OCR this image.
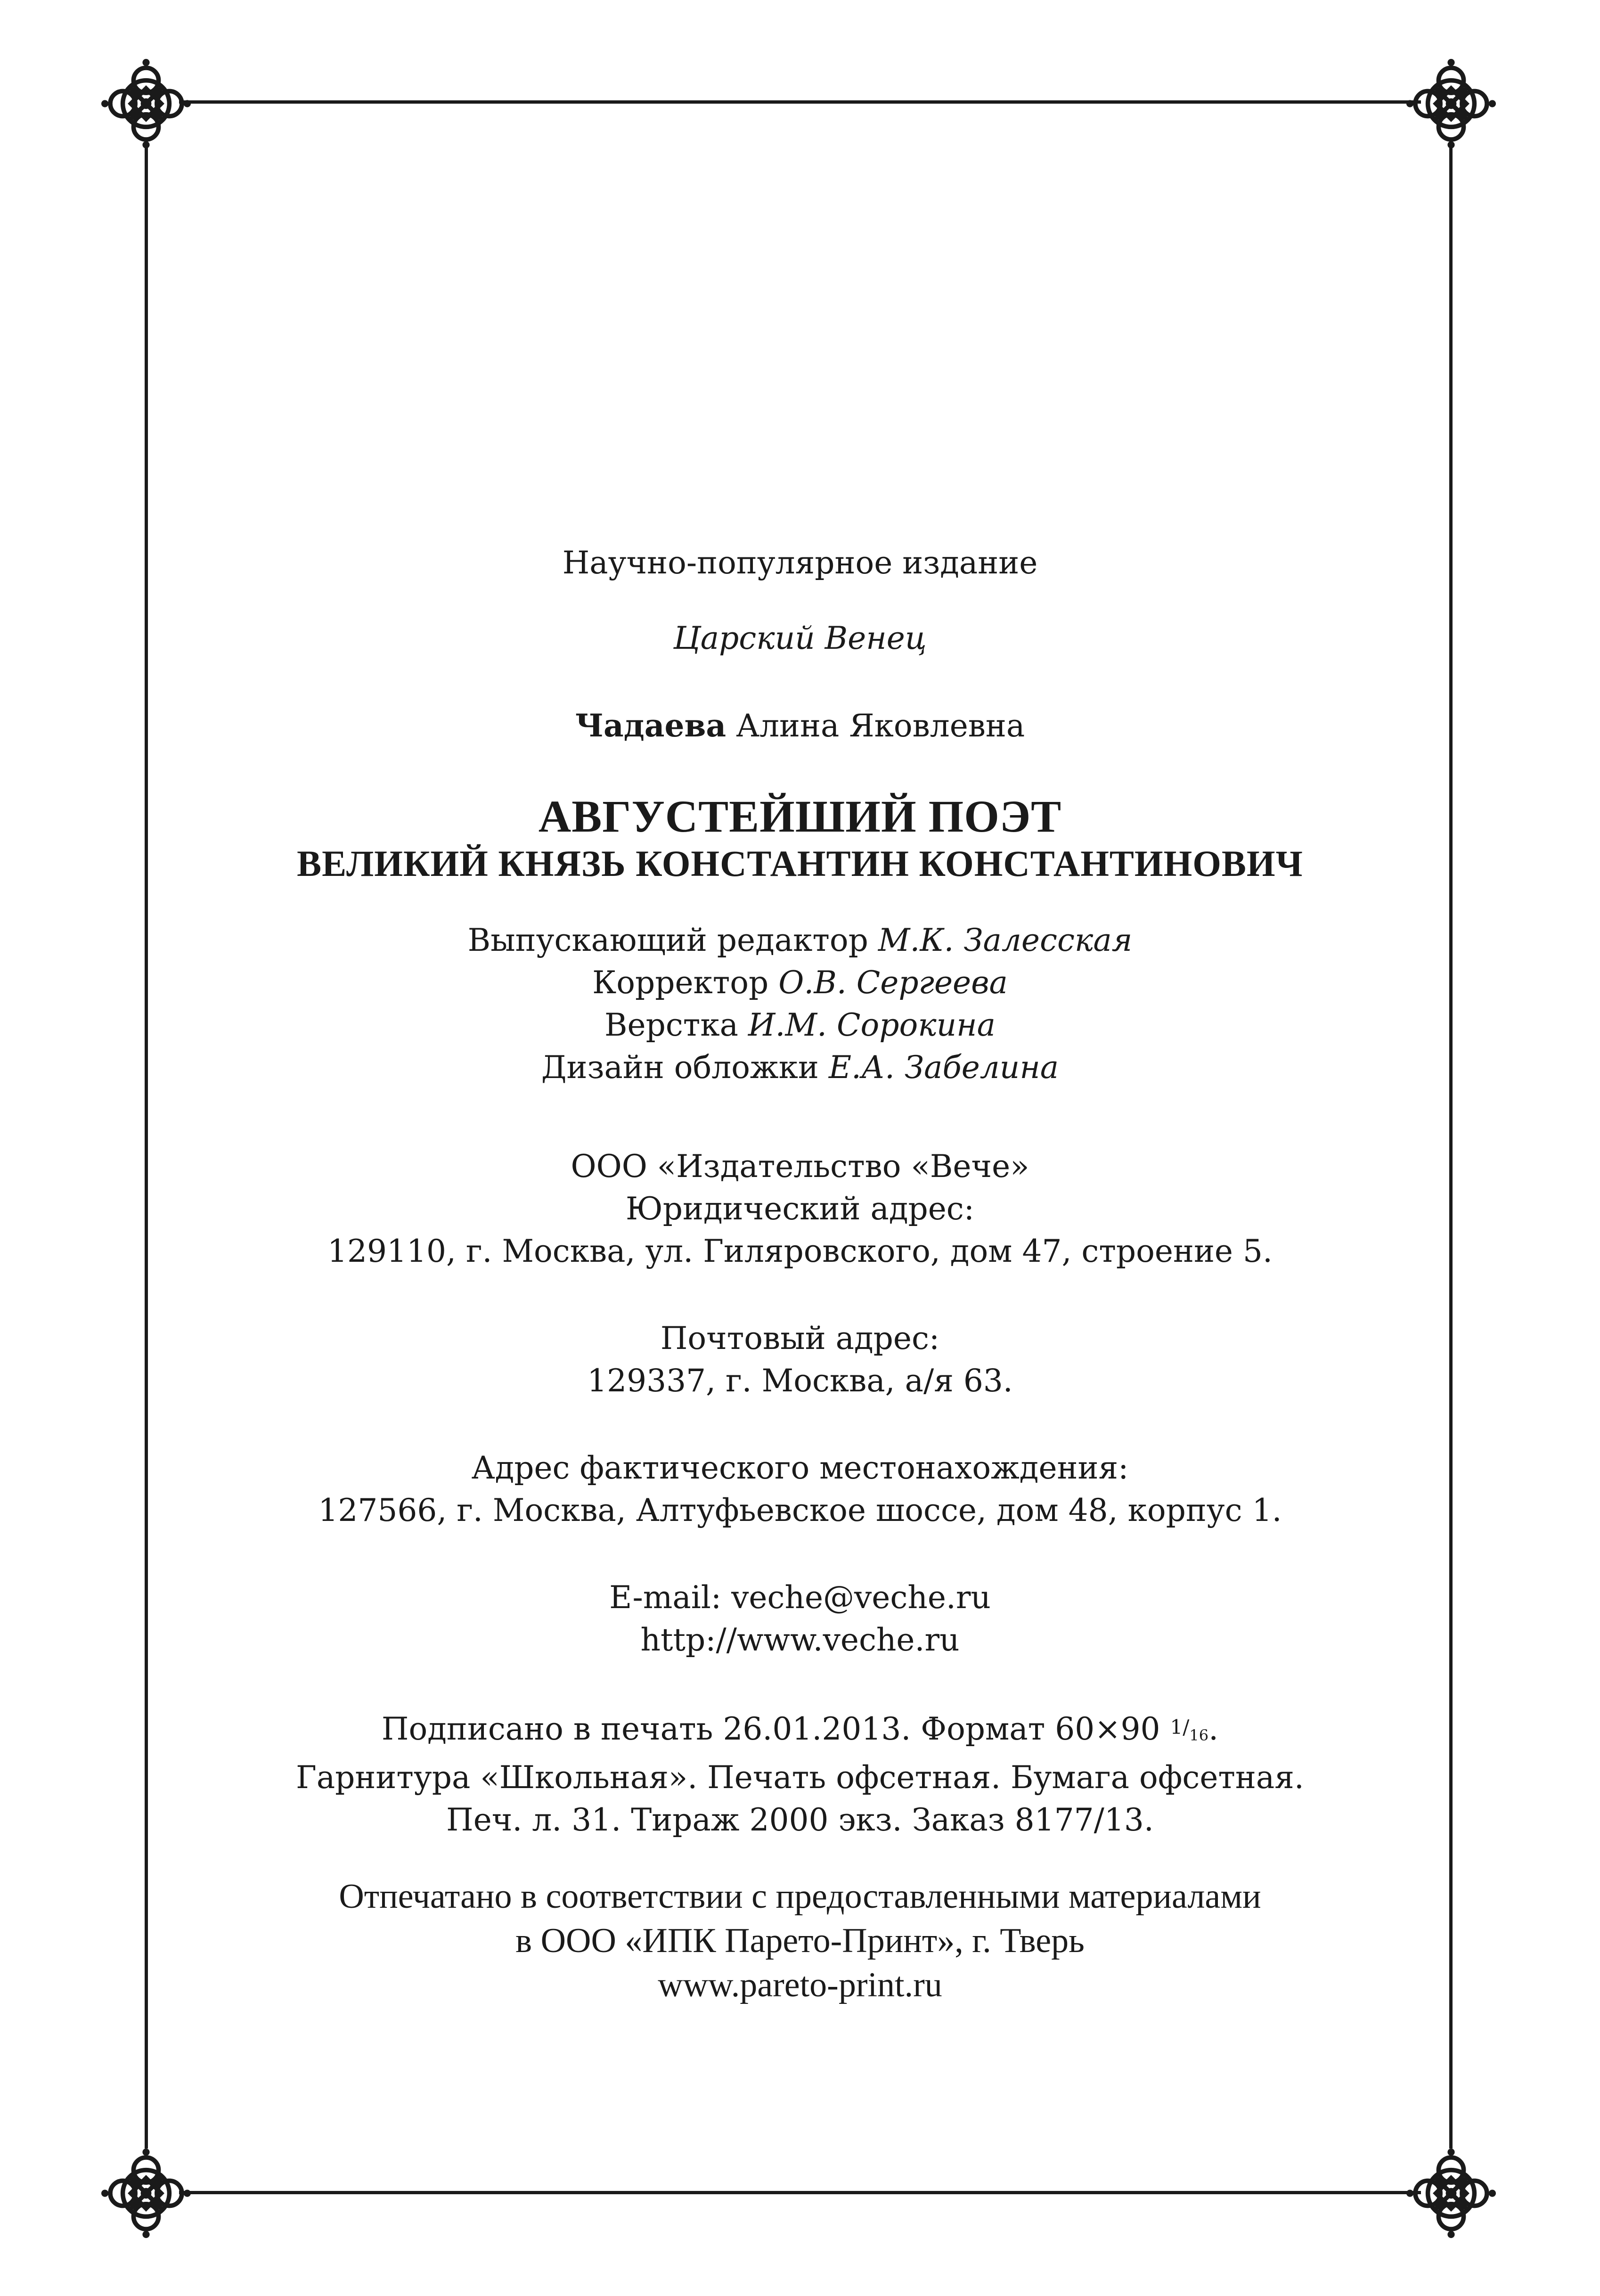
Научно-популярное издание
Царский Венец
Чадаева Алина Яковлевна
АВГУСТЕЙШИЙ ПОЭТ
ВЕЛИКИЙ КНЯЗЬ КОНСТАНТИН КОНСТАНТИНОВИЧ
Выпускающий редактор М.К. Залесская
Корректор О.В. Сергеева
Верстка И.М. Сорокина
Дизайн обложки Е.А. Забелина
ООО «Издательство «Вече»
Юридический адрес:
129110, г. Москва, ул. Гиляровского, дом 47, строение 5.
Почтовый адрес:
129337, г. Москва, а/я 63.
Адрес фактического местонахождения:
127566, г. Москва, Алтуфьевское шоссе, дом 48, корпус 1.
E-mail: veche@veche.ru
http://www.veche.ru
Подписано в печать 26.01.2013. Формат 60×90 $1/_{16}$.
Гарнитура «Школьная». Печать офсетная. Бумага офсетная.
Печ. л. 31. Тираж 2000 экз. Заказ 8177/13.
Отпечатано в соответствии с предоставленными материалами
в ООО «ИПК Парето-Принт», г. Тверь
www.pareto-print.ru
